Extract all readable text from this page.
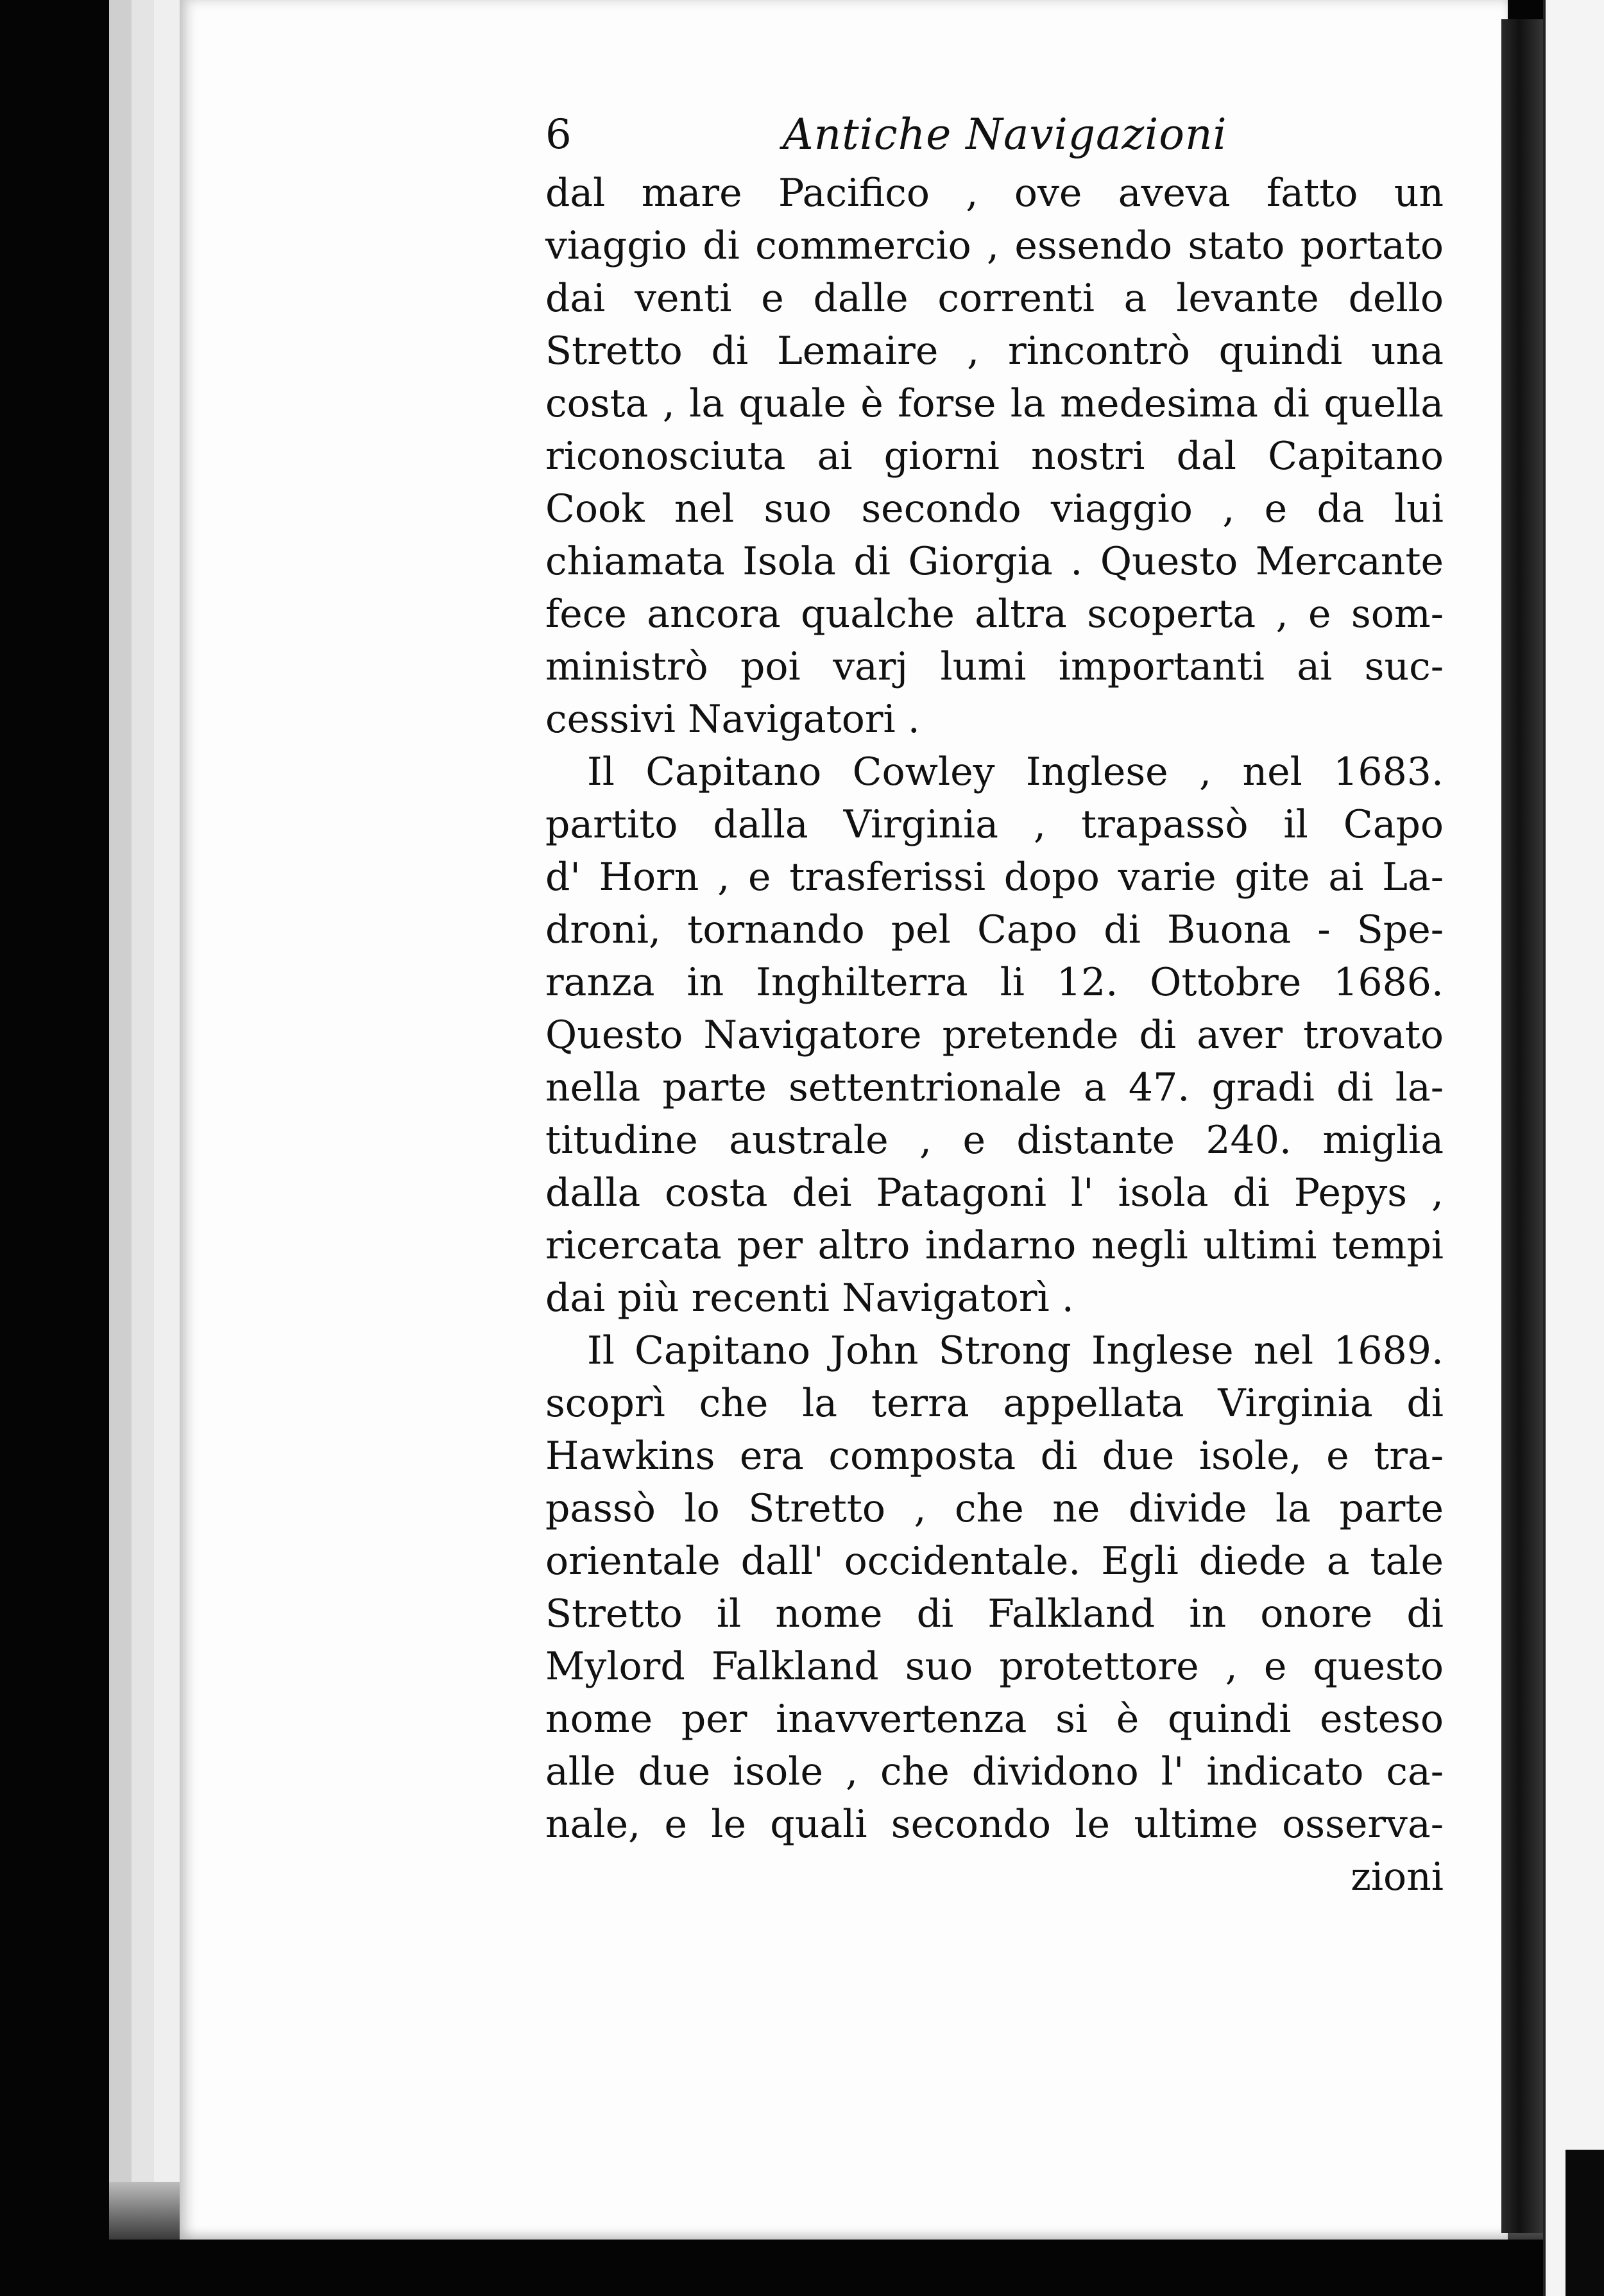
6	Antiche Navigazioni
dal mare Pacifico , ove aveva fatto un
viaggio di commercio , essendo stato portato
dai venti e dalle correnti a levante dello
Stretto di Lemaire , rincontrò quindi una
costa , la quale è forse la medesima di quella
riconosciuta ai giorni nostri dal Capitano
Cook nel suo secondo viaggio , e da lui
chiamata Isola di Giorgia . Questo Mercante
fece ancora qualche altra scoperta , e som-
ministrò poi varj lumi importanti ai suc-
cessivi Navigatori .
Il Capitano Cowley Inglese , nel 1683.
partito dalla Virginia , trapassò il Capo
d' Horn , e trasferissi dopo varie gite ai La-
droni, tornando pel Capo di Buona - Spe-
ranza in Inghilterra li 12. Ottobre 1686.
Questo Navigatore pretende di aver trovato
nella parte settentrionale a 47. gradi di la-
titudine australe , e distante 240. miglia
dalla costa dei Patagoni l' isola di Pepys ,
ricercata per altro indarno negli ultimi tempi
dai più recenti Navigatorì .
Il Capitano John Strong Inglese nel 1689.
scoprì che la terra appellata Virginia di
Hawkins era composta di due isole, e tra-
passò lo Stretto , che ne divide la parte
orientale dall' occidentale. Egli diede a tale
Stretto il nome di Falkland in onore di
Mylord Falkland suo protettore , e questo
nome per inavvertenza si è quindi esteso
alle due isole , che dividono l' indicato ca-
nale, e le quali secondo le ultime osserva-
zioni
